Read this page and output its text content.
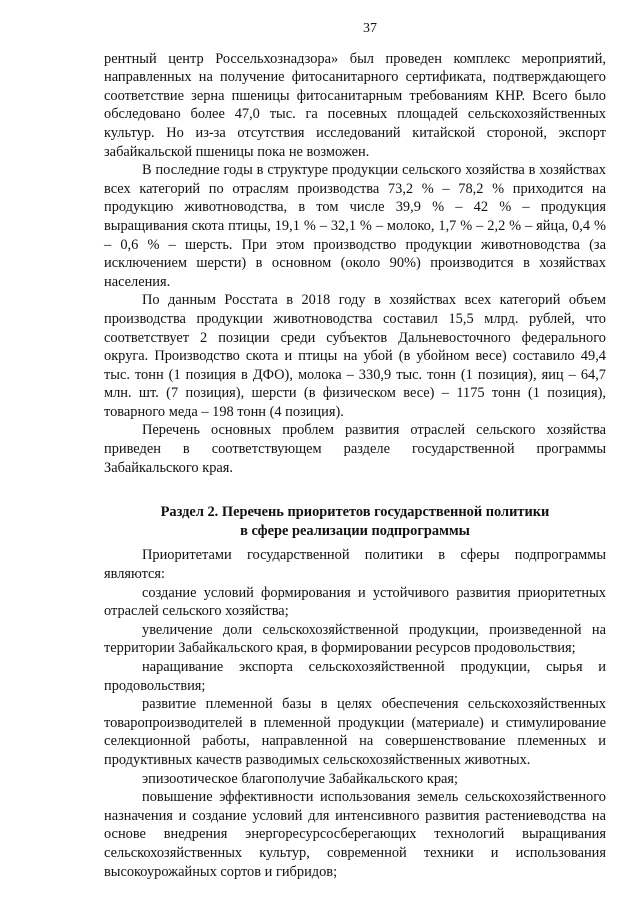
37

рентный центр Россельхознадзора» был проведен комплекс мероприятий, направленных на получение фитосанитарного сертификата, подтверждающего соответствие зерна пшеницы фитосанитарным требованиям КНР. Всего было обследовано более 47,0 тыс. га посевных площадей сельскохозяйственных культур. Но из-за отсутствия исследований китайской стороной, экспорт забайкальской пшеницы пока не возможен.

В последние годы в структуре продукции сельского хозяйства в хозяйствах всех категорий по отраслям производства 73,2 % – 78,2 % приходится на продукцию животноводства, в том числе 39,9 % – 42 % – продукция выращивания скота птицы, 19,1 % – 32,1 % – молоко, 1,7 % – 2,2 % – яйца, 0,4 % – 0,6 % – шерсть. При этом производство продукции животноводства (за исключением шерсти) в основном (около 90%) производится в хозяйствах населения.

По данным Росстата в 2018 году в хозяйствах всех категорий объем производства продукции животноводства составил 15,5 млрд. рублей, что соответствует 2 позиции среди субъектов Дальневосточного федерального округа. Производство скота и птицы на убой (в убойном весе) составило 49,4 тыс. тонн (1 позиция в ДФО), молока – 330,9 тыс. тонн (1 позиция), яиц – 64,7 млн. шт. (7 позиция), шерсти (в физическом весе) – 1175 тонн (1 позиция), товарного меда – 198 тонн (4 позиция).

Перечень основных проблем развития отраслей сельского хозяйства приведен в соответствующем разделе государственной программы Забайкальского края.

Раздел 2. Перечень приоритетов государственной политики
в сфере реализации подпрограммы

Приоритетами государственной политики в сферы подпрограммы являются:

создание условий формирования и устойчивого развития приоритетных отраслей сельского хозяйства;

увеличение доли сельскохозяйственной продукции, произведенной на территории Забайкальского края, в формировании ресурсов продовольствия;

наращивание экспорта сельскохозяйственной продукции, сырья и продовольствия;

развитие племенной базы в целях обеспечения сельскохозяйственных товаропроизводителей в племенной продукции (материале) и стимулирование селекционной работы, направленной на совершенствование племенных и продуктивных качеств разводимых сельскохозяйственных животных.

эпизоотическое благополучие Забайкальского края;

повышение эффективности использования земель сельскохозяйственного назначения и создание условий для интенсивного развития растениеводства на основе внедрения энергоресурсосберегающих технологий выращивания сельскохозяйственных культур, современной техники и использования высокоурожайных сортов и гибридов;
